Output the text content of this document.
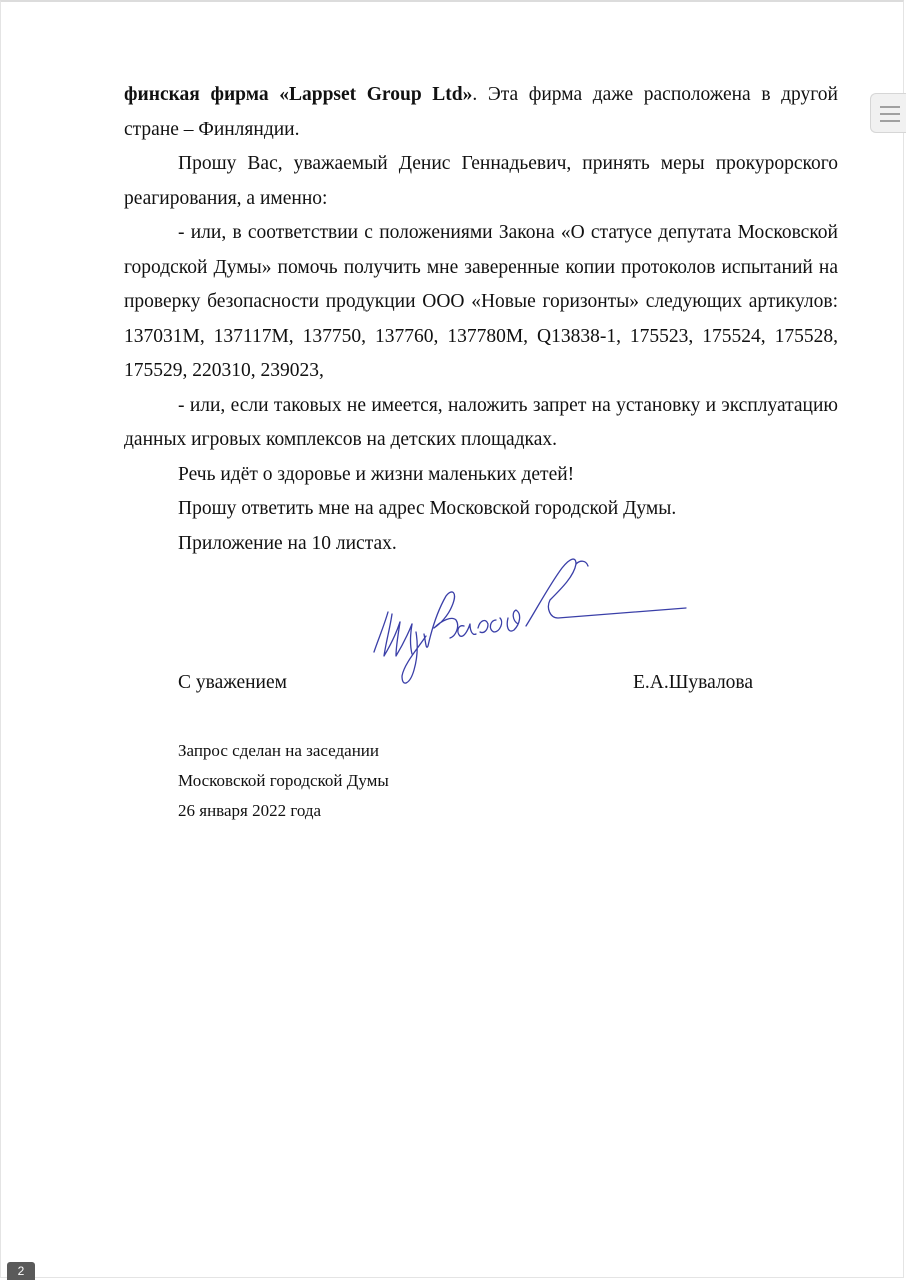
финская фирма «Lappset Group Ltd». Эта фирма даже расположена в другой стране – Финляндии.

Прошу Вас, уважаемый Денис Геннадьевич, принять меры прокурорского реагирования, а именно:

- или, в соответствии с положениями Закона «О статусе депутата Московской городской Думы» помочь получить мне заверенные копии протоколов испытаний на проверку безопасности продукции ООО «Новые горизонты» следующих артикулов: 137031М, 137117М, 137750, 137760, 137780М, Q13838-1, 175523, 175524, 175528, 175529, 220310, 239023,

- или, если таковых не имеется, наложить запрет на установку и эксплуатацию данных игровых комплексов на детских площадках.

Речь идёт о здоровье и жизни маленьких детей!

Прошу ответить мне на адрес Московской городской Думы.

Приложение на 10 листах.

С уважением	Е.А.Шувалова
Запрос сделан на заседании
Московской городской Думы
26 января 2022 года
2
